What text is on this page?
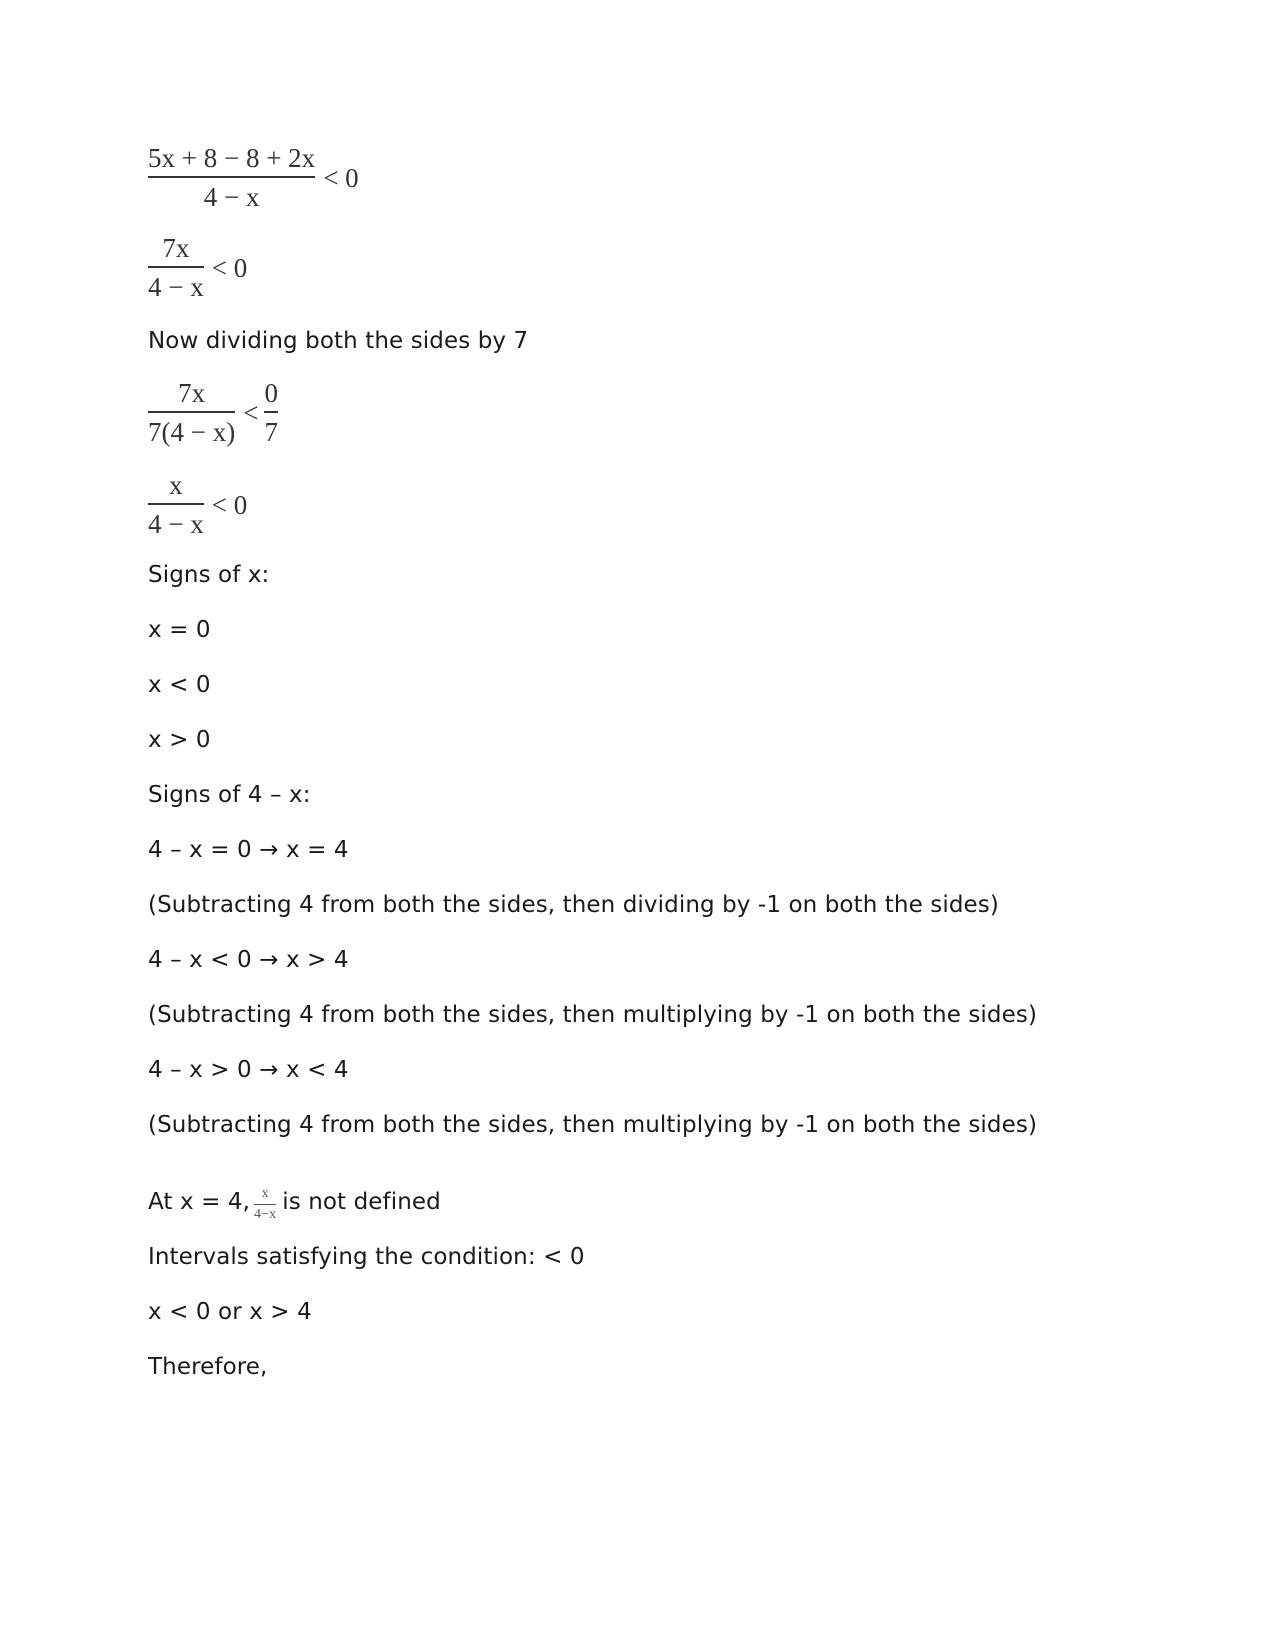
$\frac{5x + 8 - 8 + 2x}{4 - x} < 0$
$\frac{7x}{4 - x} < 0$
Now dividing both the sides by 7
$\frac{7x}{7(4 - x)} < \frac{0}{7}$
$\frac{x}{4 - x} < 0$
Signs of x:
x = 0
x < 0
x > 0
Signs of 4 – x:
4 – x = 0 → x = 4
(Subtracting 4 from both the sides, then dividing by -1 on both the sides)
4 – x < 0 → x > 4
(Subtracting 4 from both the sides, then multiplying by -1 on both the sides)
4 – x > 0 → x < 4
(Subtracting 4 from both the sides, then multiplying by -1 on both the sides)
At x = 4, $\frac{x}{4-x}$ is not defined
Intervals satisfying the condition: < 0
x < 0 or x > 4
Therefore,
